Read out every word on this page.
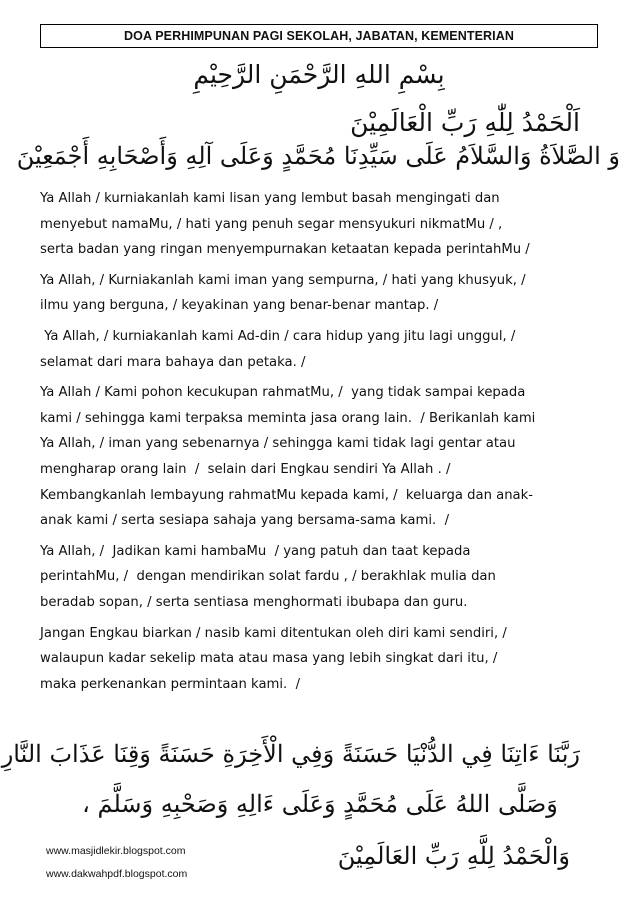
DOA PERHIMPUNAN PAGI SEKOLAH, JABATAN, KEMENTERIAN
بِسْمِ اللهِ الرَّحْمَنِ الرَّحِيْمِ
اَلْحَمْدُ لِلّٰهِ رَبِّ الْعَالَمِيْنَ
وَ الصَّلاَةُ وَالسَّلاَمُ عَلَى سَيِّدِنَا مُحَمَّدٍ وَعَلَى آلِهِ وَأَصْحَابِهِ أَجْمَعِيْنَ

Ya Allah / kurniakanlah kami lisan yang lembut basah mengingati dan
menyebut namaMu, / hati yang penuh segar mensyukuri nikmatMu / ,
serta badan yang ringan menyempurnakan ketaatan kepada perintahMu /

Ya Allah, / Kurniakanlah kami iman yang sempurna, / hati yang khusyuk, /
ilmu yang berguna, / keyakinan yang benar-benar mantap. /

Ya Allah, / kurniakanlah kami Ad-din / cara hidup yang jitu lagi unggul, /
selamat dari mara bahaya dan petaka. /

Ya Allah / Kami pohon kecukupan rahmatMu, /  yang tidak sampai kepada
kami / sehingga kami terpaksa meminta jasa orang lain.  / Berikanlah kami
Ya Allah, / iman yang sebenarnya / sehingga kami tidak lagi gentar atau
mengharap orang lain  /  selain dari Engkau sendiri Ya Allah . /
Kembangkanlah lembayung rahmatMu kepada kami, /  keluarga dan anak-
anak kami / serta sesiapa sahaja yang bersama-sama kami.  /

Ya Allah, /  Jadikan kami hambaMu  / yang patuh dan taat kepada
perintahMu, /  dengan mendirikan solat fardu , / berakhlak mulia dan
beradab sopan, / serta sentiasa menghormati ibubapa dan guru.

Jangan Engkau biarkan / nasib kami ditentukan oleh diri kami sendiri, /
walaupun kadar sekelip mata atau masa yang lebih singkat dari itu, /
maka perkenankan permintaan kami.  /

رَبَّنَا ءَاتِنَا فِي الدُّنْيَا حَسَنَةً وَفِي الْأَخِرَةِ حَسَنَةً وَقِنَا عَذَابَ النَّارِ
وَصَلَّى اللهُ عَلَى مُحَمَّدٍ وَعَلَى ءَالِهِ وَصَحْبِهِ وَسَلَّمَ ،
وَالْحَمْدُ لِلَّهِ رَبِّ العَالَمِيْنَ
www.masjidlekir.blogspot.com
www.dakwahpdf.blogspot.com
